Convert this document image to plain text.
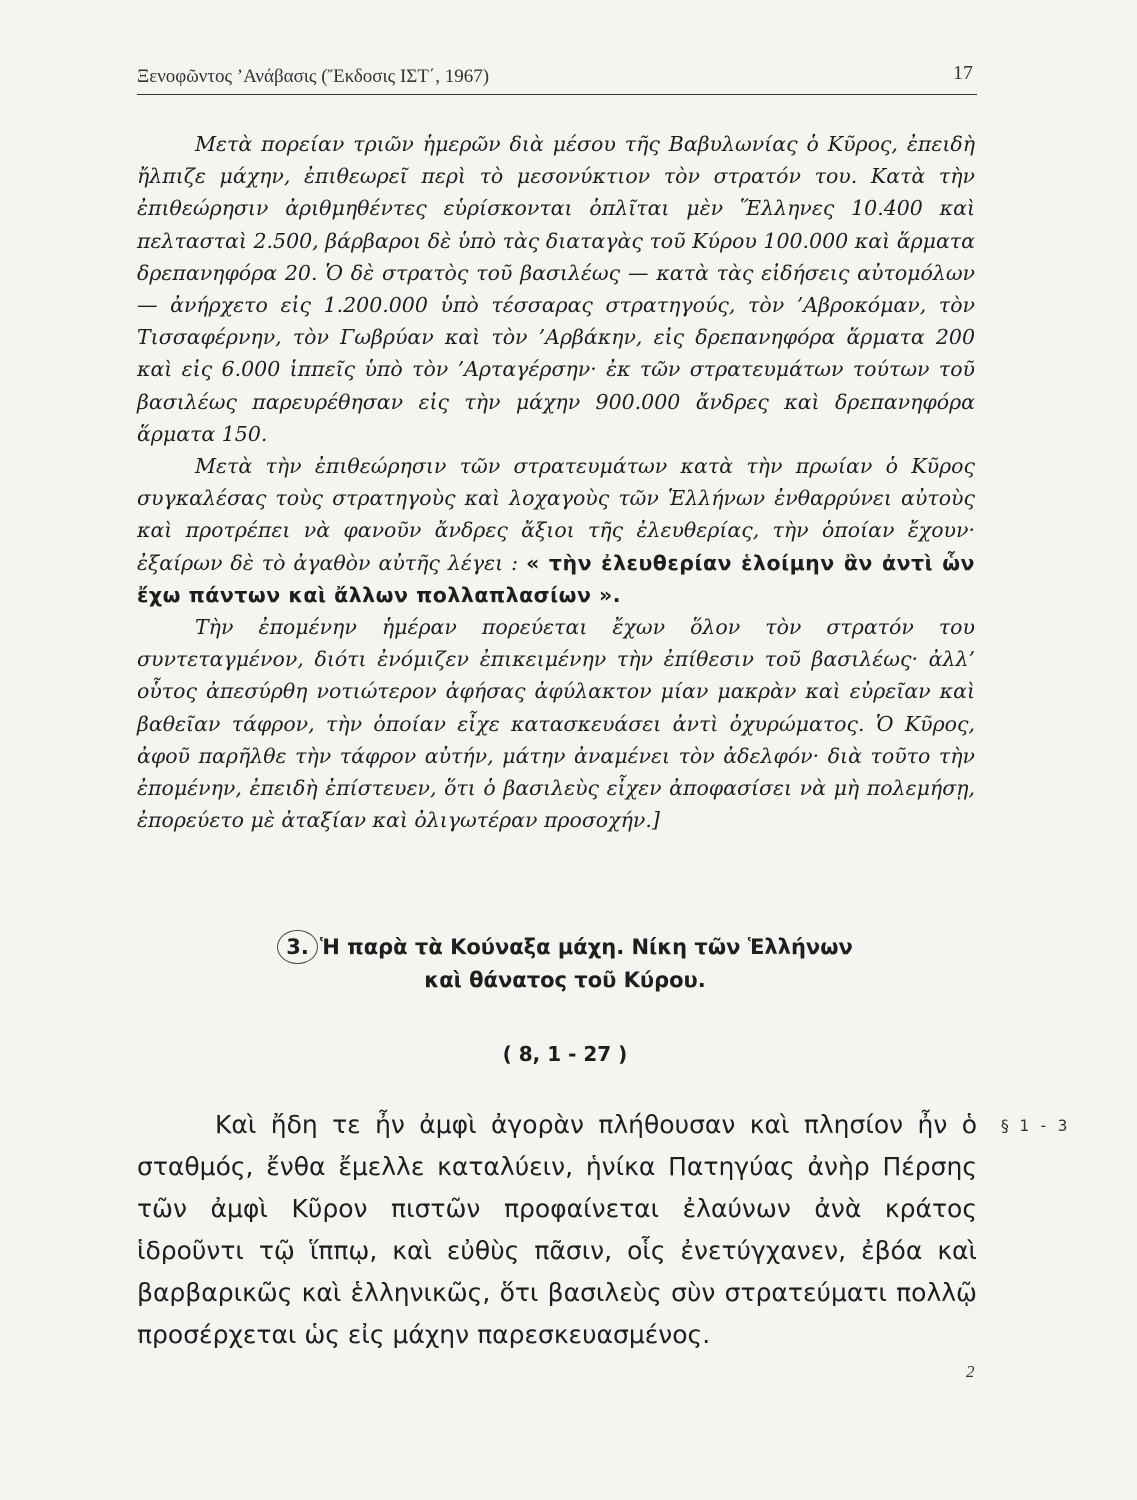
Ξενοφῶντος ’Ανάβασις (Ἔκδοσις ΙΣΤ΄, 1967)	17

Μετὰ πορείαν τριῶν ἡμερῶν διὰ μέσου τῆς Βαβυλωνίας ὁ Κῦρος, ἐπειδὴ ἤλπιζε μάχην, ἐπιθεωρεῖ περὶ τὸ μεσονύκτιον τὸν στρατόν του. Κατὰ τὴν ἐπιθεώρησιν ἀριθμηθέντες εὑρίσκονται ὁπλῖται μὲν Ἕλληνες 10.400 καὶ πελτασταὶ 2.500, βάρβαροι δὲ ὑπὸ τὰς διαταγὰς τοῦ Κύρου 100.000 καὶ ἅρματα δρεπανηφόρα 20. Ὁ δὲ στρατὸς τοῦ βασιλέως — κατὰ τὰς εἰδήσεις αὐτομόλων — ἀνήρχετο εἰς 1.200.000 ὑπὸ τέσσαρας στρατηγούς, τὸν ’Αβροκόμαν, τὸν Τισσαφέρνην, τὸν Γωβρύαν καὶ τὸν ’Αρβάκην, εἰς δρεπανηφόρα ἅρματα 200 καὶ εἰς 6.000 ἱππεῖς ὑπὸ τὸν ’Αρταγέρσην· ἐκ τῶν στρατευμάτων τούτων τοῦ βασιλέως παρευρέθησαν εἰς τὴν μάχην 900.000 ἄνδρες καὶ δρεπανηφόρα ἅρματα 150.

Μετὰ τὴν ἐπιθεώρησιν τῶν στρατευμάτων κατὰ τὴν πρωίαν ὁ Κῦρος συγκαλέσας τοὺς στρατηγοὺς καὶ λοχαγοὺς τῶν Ἑλλήνων ἐνθαρρύνει αὐτοὺς καὶ προτρέπει νὰ φανοῦν ἄνδρες ἄξιοι τῆς ἐλευθερίας, τὴν ὁποίαν ἔχουν· ἐξαίρων δὲ τὸ ἀγαθὸν αὐτῆς λέγει : « τὴν ἐλευθερίαν ἑλοίμην ἂν ἀντὶ ὧν ἔχω πάντων καὶ ἄλλων πολλαπλασίων ».

Τὴν ἐπομένην ἡμέραν πορεύεται ἔχων ὅλον τὸν στρατόν του συντεταγμένον, διότι ἐνόμιζεν ἐπικειμένην τὴν ἐπίθεσιν τοῦ βασιλέως· ἀλλ’ οὗτος ἀπεσύρθη νοτιώτερον ἀφήσας ἀφύλακτον μίαν μακρὰν καὶ εὐρεῖαν καὶ βαθεῖαν τάφρον, τὴν ὁποίαν εἶχε κατασκευάσει ἀντὶ ὀχυρώματος. Ὁ Κῦρος, ἀφοῦ παρῆλθε τὴν τάφρον αὐτήν, μάτην ἀναμένει τὸν ἀδελφόν· διὰ τοῦτο τὴν ἐπομένην, ἐπειδὴ ἐπίστευεν, ὅτι ὁ βασιλεὺς εἶχεν ἀποφασίσει νὰ μὴ πολεμήσῃ, ἐπορεύετο μὲ ἀταξίαν καὶ ὀλιγωτέραν προσοχήν.]

3. Ἡ παρὰ τὰ Κούναξα μάχη. Νίκη τῶν Ἑλλήνων
καὶ θάνατος τοῦ Κύρου.
( 8, 1 - 27 )

Καὶ ἤδη τε ἦν ἀμφὶ ἀγορὰν πλήθουσαν καὶ πλησίον ἦν ὁ σταθμός, ἔνθα ἔμελλε καταλύειν, ἡνίκα Πατηγύας ἀνὴρ Πέρσης τῶν ἀμφὶ Κῦρον πιστῶν προφαίνεται ἐλαύνων ἀνὰ κράτος ἱδροῦντι τῷ ἵππῳ, καὶ εὐθὺς πᾶσιν, οἷς ἐνετύγχανεν, ἐβόα καὶ βαρβαρικῶς καὶ ἑλληνικῶς, ὅτι βασιλεὺς σὺν στρατεύματι πολλῷ προσέρχεται ὡς εἰς μάχην παρεσκευασμένος.

§ 1 - 3
2
